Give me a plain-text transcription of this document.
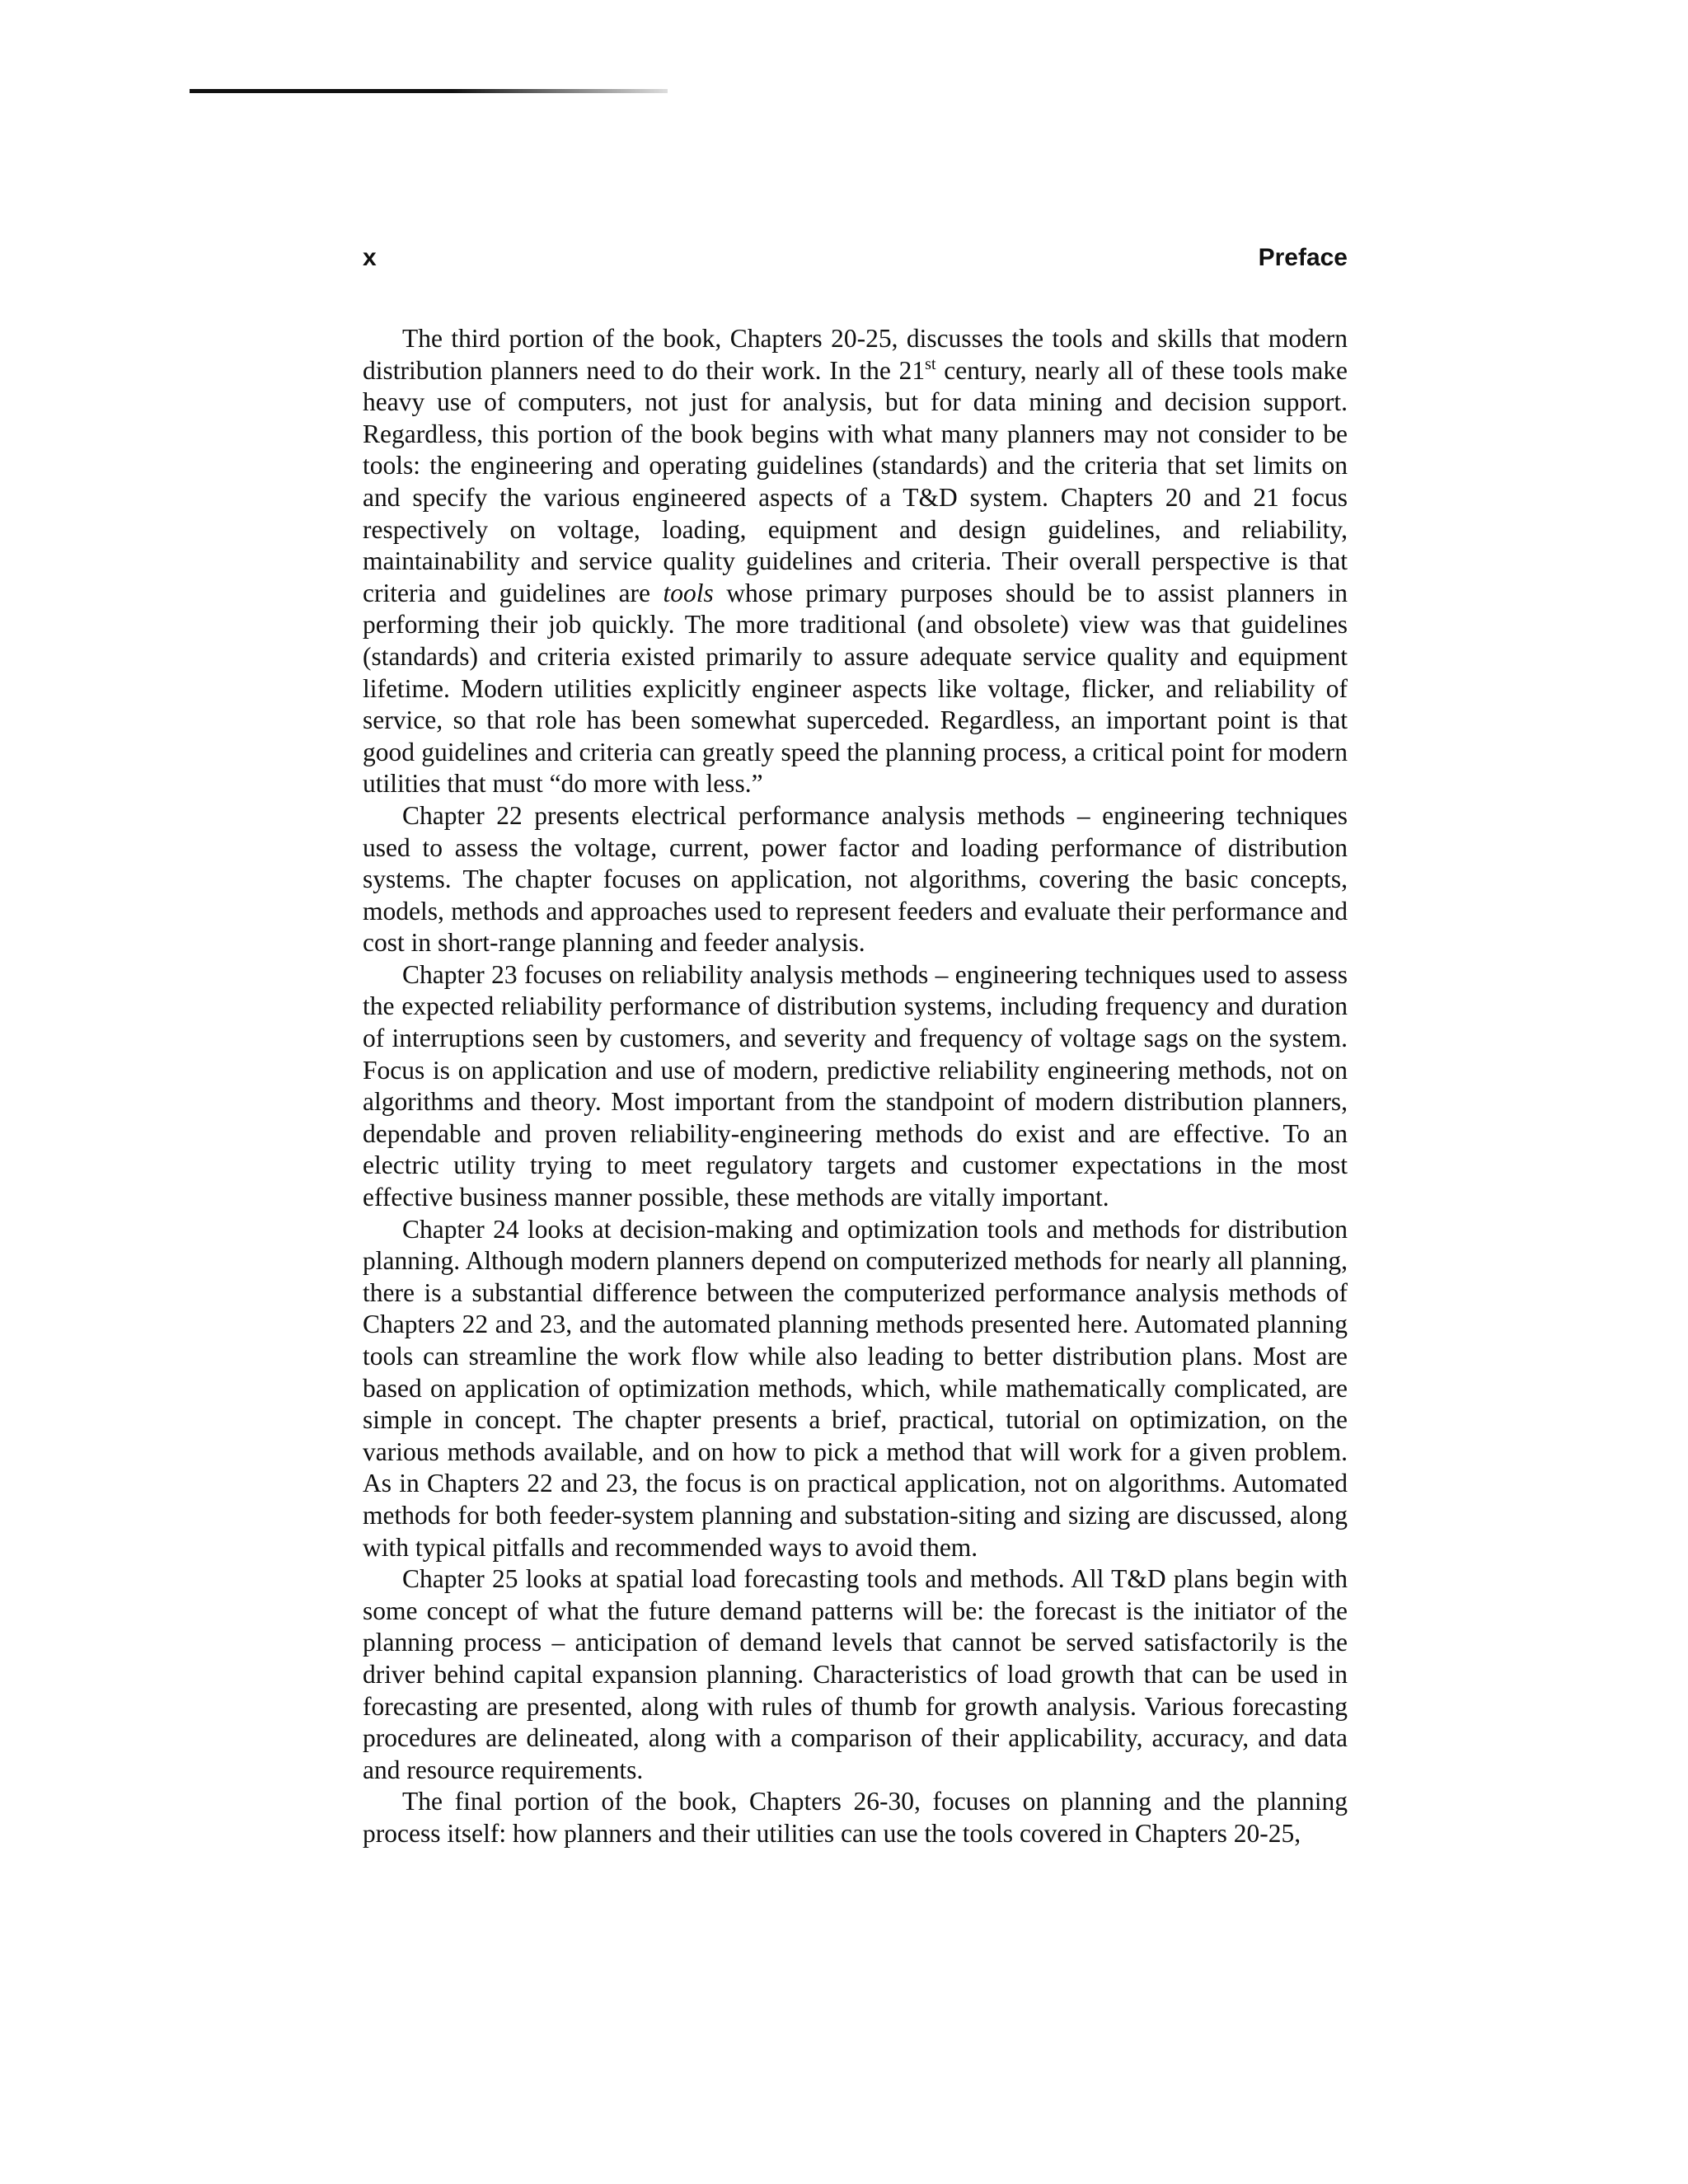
x	Preface

The third portion of the book, Chapters 20-25, discusses the tools and skills that modern distribution planners need to do their work. In the 21st century, nearly all of these tools make heavy use of computers, not just for analysis, but for data mining and decision support. Regardless, this portion of the book begins with what many planners may not consider to be tools: the engineering and operating guidelines (standards) and the criteria that set limits on and specify the various engineered aspects of a T&D system. Chapters 20 and 21 focus respectively on voltage, loading, equipment and design guidelines, and reliability, maintainability and service quality guidelines and criteria. Their overall perspective is that criteria and guidelines are tools whose primary purposes should be to assist planners in performing their job quickly. The more traditional (and obsolete) view was that guidelines (standards) and criteria existed primarily to assure adequate service quality and equipment lifetime. Modern utilities explicitly engineer aspects like voltage, flicker, and reliability of service, so that role has been somewhat superceded. Regardless, an important point is that good guidelines and criteria can greatly speed the planning process, a critical point for modern utilities that must “do more with less.”

Chapter 22 presents electrical performance analysis methods – engineering techniques used to assess the voltage, current, power factor and loading performance of distribution systems. The chapter focuses on application, not algorithms, covering the basic concepts, models, methods and approaches used to represent feeders and evaluate their performance and cost in short-range planning and feeder analysis.

Chapter 23 focuses on reliability analysis methods – engineering techniques used to assess the expected reliability performance of distribution systems, including frequency and duration of interruptions seen by customers, and severity and frequency of voltage sags on the system. Focus is on application and use of modern, predictive reliability engineering methods, not on algorithms and theory. Most important from the standpoint of modern distribution planners, dependable and proven reliability-engineering methods do exist and are effective. To an electric utility trying to meet regulatory targets and customer expectations in the most effective business manner possible, these methods are vitally important.

Chapter 24 looks at decision-making and optimization tools and methods for distribution planning. Although modern planners depend on computerized methods for nearly all planning, there is a substantial difference between the computerized performance analysis methods of Chapters 22 and 23, and the automated planning methods presented here. Automated planning tools can streamline the work flow while also leading to better distribution plans. Most are based on application of optimization methods, which, while mathematically complicated, are simple in concept. The chapter presents a brief, practical, tutorial on optimization, on the various methods available, and on how to pick a method that will work for a given problem. As in Chapters 22 and 23, the focus is on practical application, not on algorithms. Automated methods for both feeder-system planning and substation-siting and sizing are discussed, along with typical pitfalls and recommended ways to avoid them.

Chapter 25 looks at spatial load forecasting tools and methods. All T&D plans begin with some concept of what the future demand patterns will be: the forecast is the initiator of the planning process – anticipation of demand levels that cannot be served satisfactorily is the driver behind capital expansion planning. Characteristics of load growth that can be used in forecasting are presented, along with rules of thumb for growth analysis. Various forecasting procedures are delineated, along with a comparison of their applicability, accuracy, and data and resource requirements.

The final portion of the book, Chapters 26-30, focuses on planning and the planning process itself: how planners and their utilities can use the tools covered in Chapters 20-25,
